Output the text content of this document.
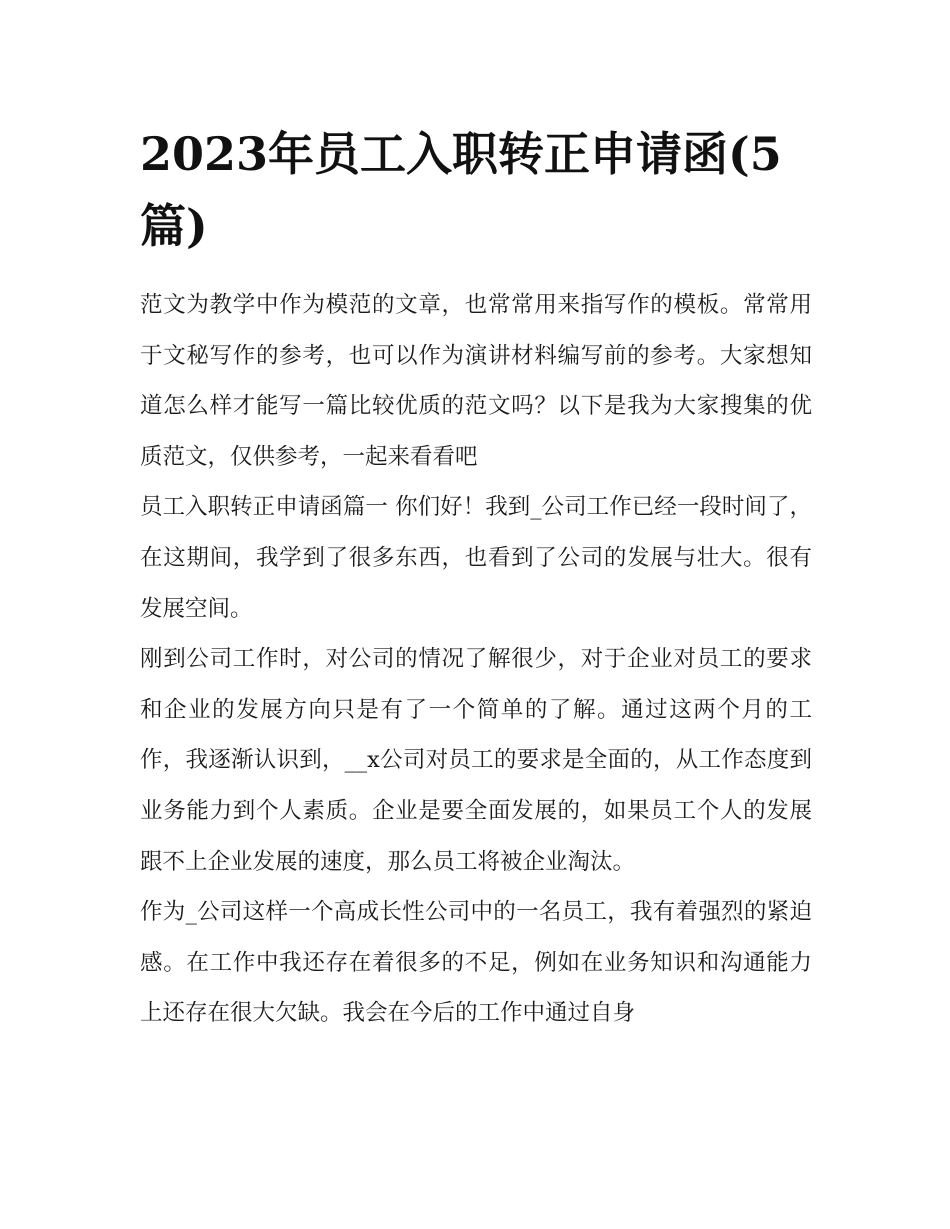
2023年员工入职转正申请函(5篇)

范文为教学中作为模范的文章，也常常用来指写作的模板。常常用于文秘写作的参考，也可以作为演讲材料编写前的参考。大家想知道怎么样才能写一篇比较优质的范文吗？以下是我为大家搜集的优质范文，仅供参考，一起来看看吧

员工入职转正申请函篇一 你们好！我到_公司工作已经一段时间了，在这期间，我学到了很多东西，也看到了公司的发展与壮大。很有发展空间。

刚到公司工作时，对公司的情况了解很少，对于企业对员工的要求和企业的发展方向只是有了一个简单的了解。通过这两个月的工作，我逐渐认识到，__x公司对员工的要求是全面的，从工作态度到业务能力到个人素质。企业是要全面发展的，如果员工个人的发展跟不上企业发展的速度，那么员工将被企业淘汰。

作为_公司这样一个高成长性公司中的一名员工，我有着强烈的紧迫感。在工作中我还存在着很多的不足，例如在业务知识和沟通能力上还存在很大欠缺。我会在今后的工作中通过自身
